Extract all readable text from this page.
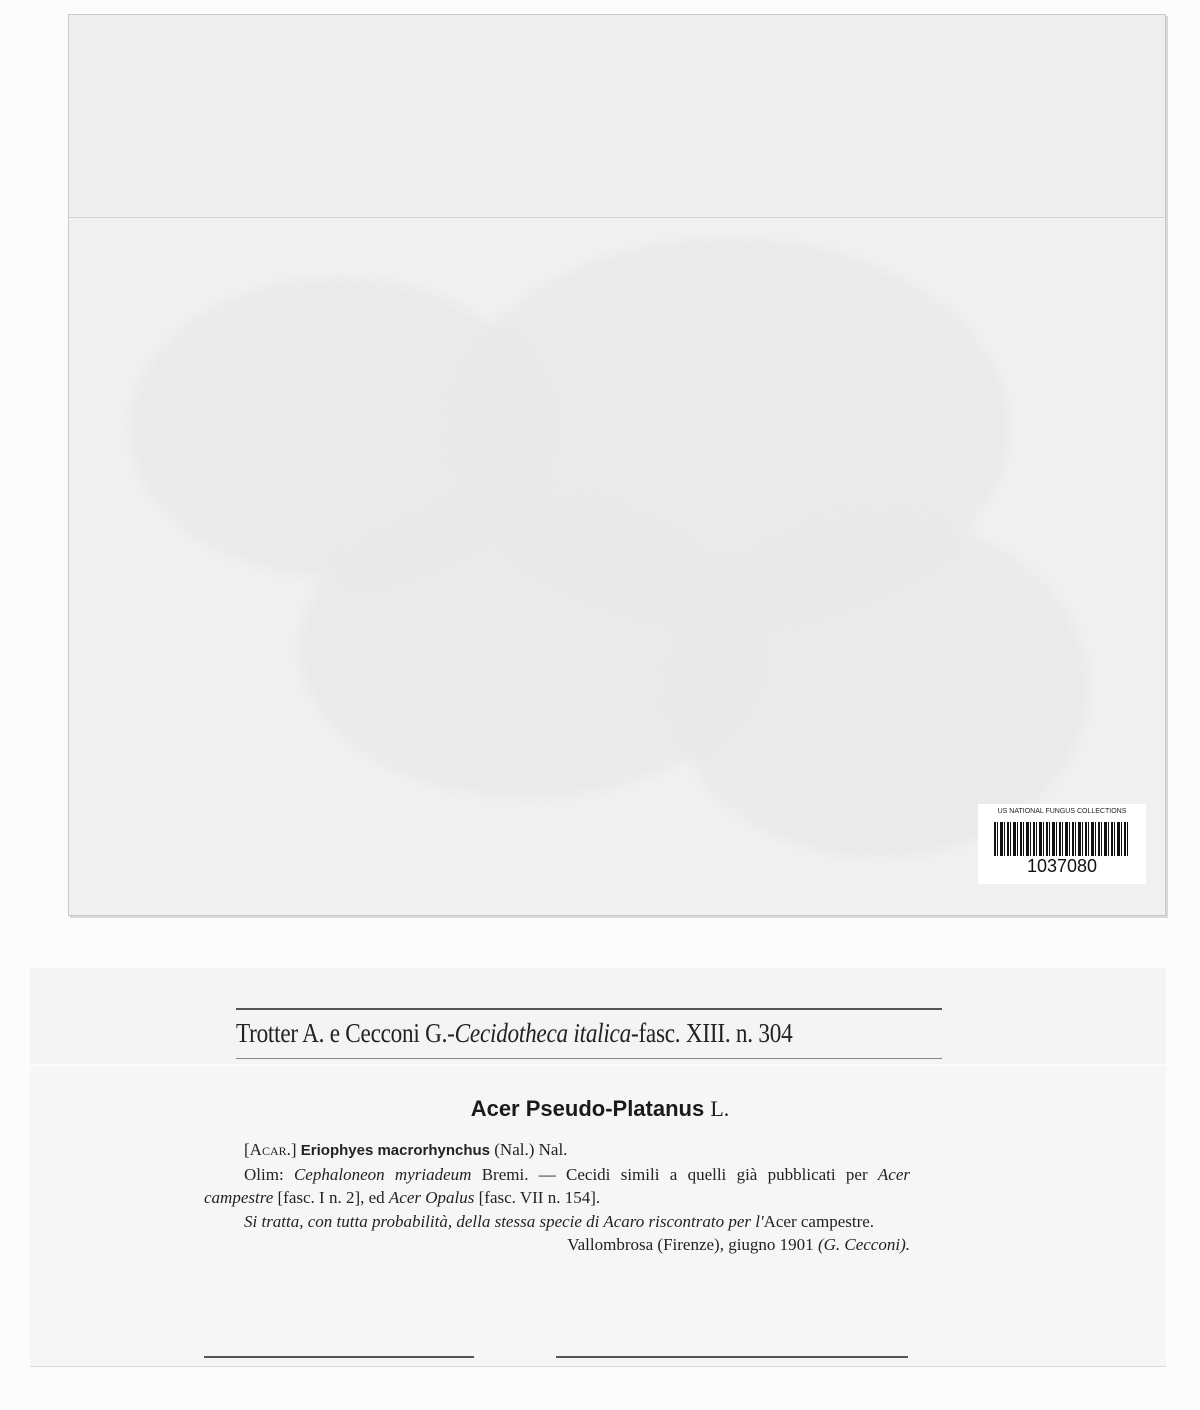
US NATIONAL FUNGUS COLLECTIONS
1037080
Trotter A. e Cecconi G.-Cecidotheca italica-fasc. XIII. n. 304
Acer Pseudo-Platanus L.

[Acar.] Eriophyes macrorhynchus (Nal.) Nal.

Olim: Cephaloneon myriadeum Bremi. — Cecidi simili a quelli già pubblicati per Acer campestre [fasc. I n. 2], ed Acer Opalus [fasc. VII n. 154].

Si tratta, con tutta probabilità, della stessa specie di Acaro riscontrato per l'Acer campestre.

Vallombrosa (Firenze), giugno 1901 (G. Cecconi).
